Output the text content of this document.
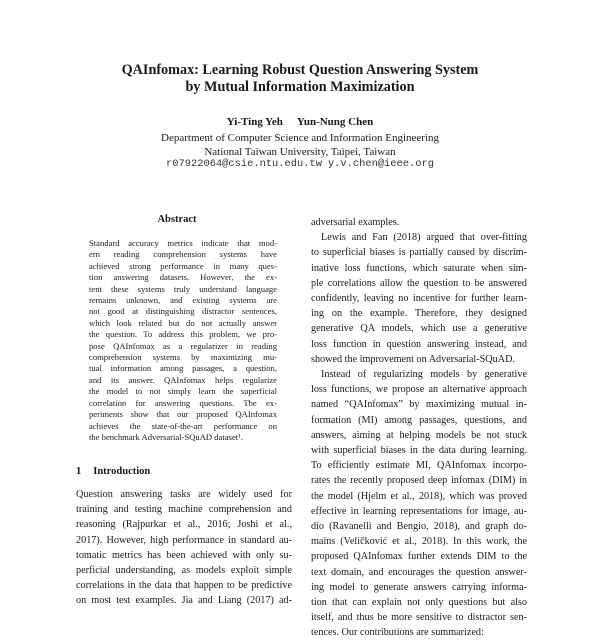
QAInfomax: Learning Robust Question Answering System
by Mutual Information Maximization
Yi-Ting Yeh Yun-Nung Chen
Department of Computer Science and Information Engineering
National Taiwan University, Taipei, Taiwan
r07922064@csie.ntu.edu.tw y.v.chen@ieee.org
Abstract
Standard accuracy metrics indicate that mod-
ern reading comprehension systems have
achieved strong performance in many ques-
tion answering datasets. However, the ex-
tent these systems truly understand language
remains unknown, and existing systems are
not good at distinguishing distractor sentences,
which look related but do not actually answer
the question. To address this problem, we pro-
pose QAInfomax as a regularizer in reading
comprehension systems by maximizing mu-
tual information among passages, a question,
and its answer. QAInfomax helps regularize
the model to not simply learn the superficial
correlation for answering questions. The ex-
periments show that our proposed QAInfomax
achieves the state-of-the-art performance on
the benchmark Adversarial-SQuAD dataset¹.
1 Introduction
Question answering tasks are widely used for
training and testing machine comprehension and
reasoning (Rajpurkar et al., 2016; Joshi et al.,
2017). However, high performance in standard au-
tomatic metrics has been achieved with only su-
perficial understanding, as models exploit simple
correlations in the data that happen to be predictive
on most test examples. Jia and Liang (2017) ad-
adversarial examples.
Lewis and Fan (2018) argued that over-fitting
to superficial biases is partially caused by discrim-
inative loss functions, which saturate when sim-
ple correlations allow the question to be answered
confidently, leaving no incentive for further learn-
ing on the example. Therefore, they designed
generative QA models, which use a generative
loss function in question answering instead, and
showed the improvement on Adversarial-SQuAD.
Instead of regularizing models by generative
loss functions, we propose an alternative approach
named “QAInfomax” by maximizing mutual in-
formation (MI) among passages, questions, and
answers, aiming at helping models be not stuck
with superficial biases in the data during learning.
To efficiently estimate MI, QAInfomax incorpo-
rates the recently proposed deep infomax (DIM) in
the model (Hjelm et al., 2018), which was proved
effective in learning representations for image, au-
dio (Ravanelli and Bengio, 2018), and graph do-
mains (Veličković et al., 2018). In this work, the
proposed QAInfomax further extends DIM to the
text domain, and encourages the question answer-
ing model to generate answers carrying informa-
tion that can explain not only questions but also
itself, and thus be more sensitive to distractor sen-
tences. Our contributions are summarized:
